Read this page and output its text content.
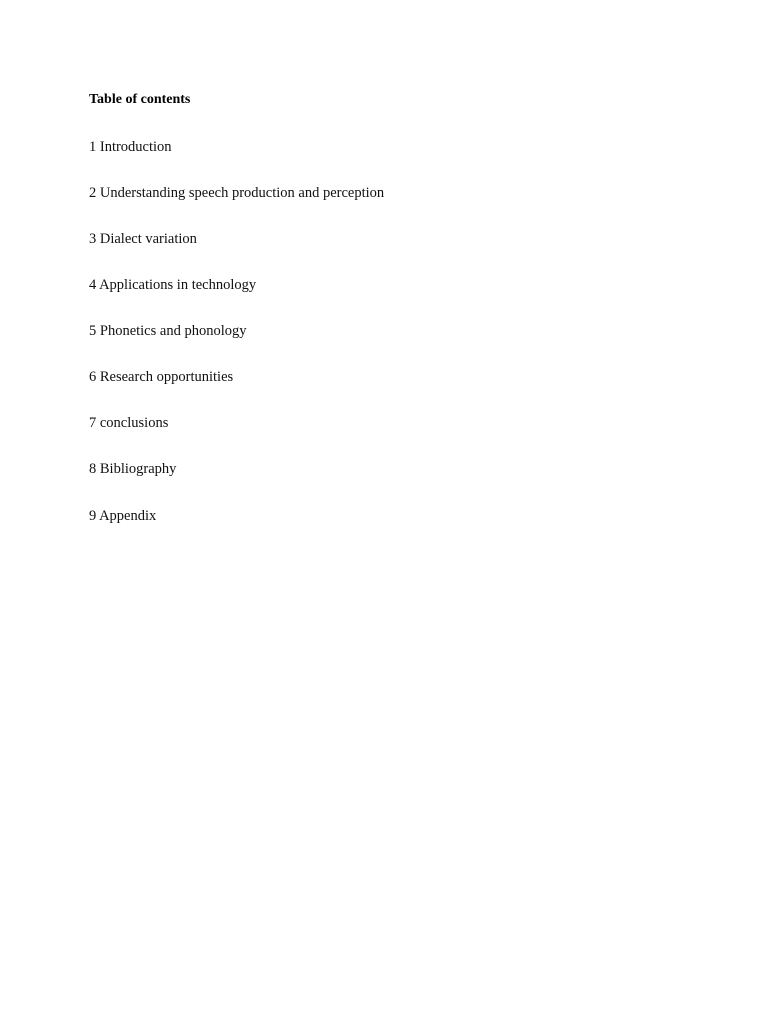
Table of contents
1 Introduction
2 Understanding speech production and perception
3 Dialect variation
4 Applications in technology
5 Phonetics and phonology
6 Research opportunities
7 conclusions
8 Bibliography
9 Appendix
